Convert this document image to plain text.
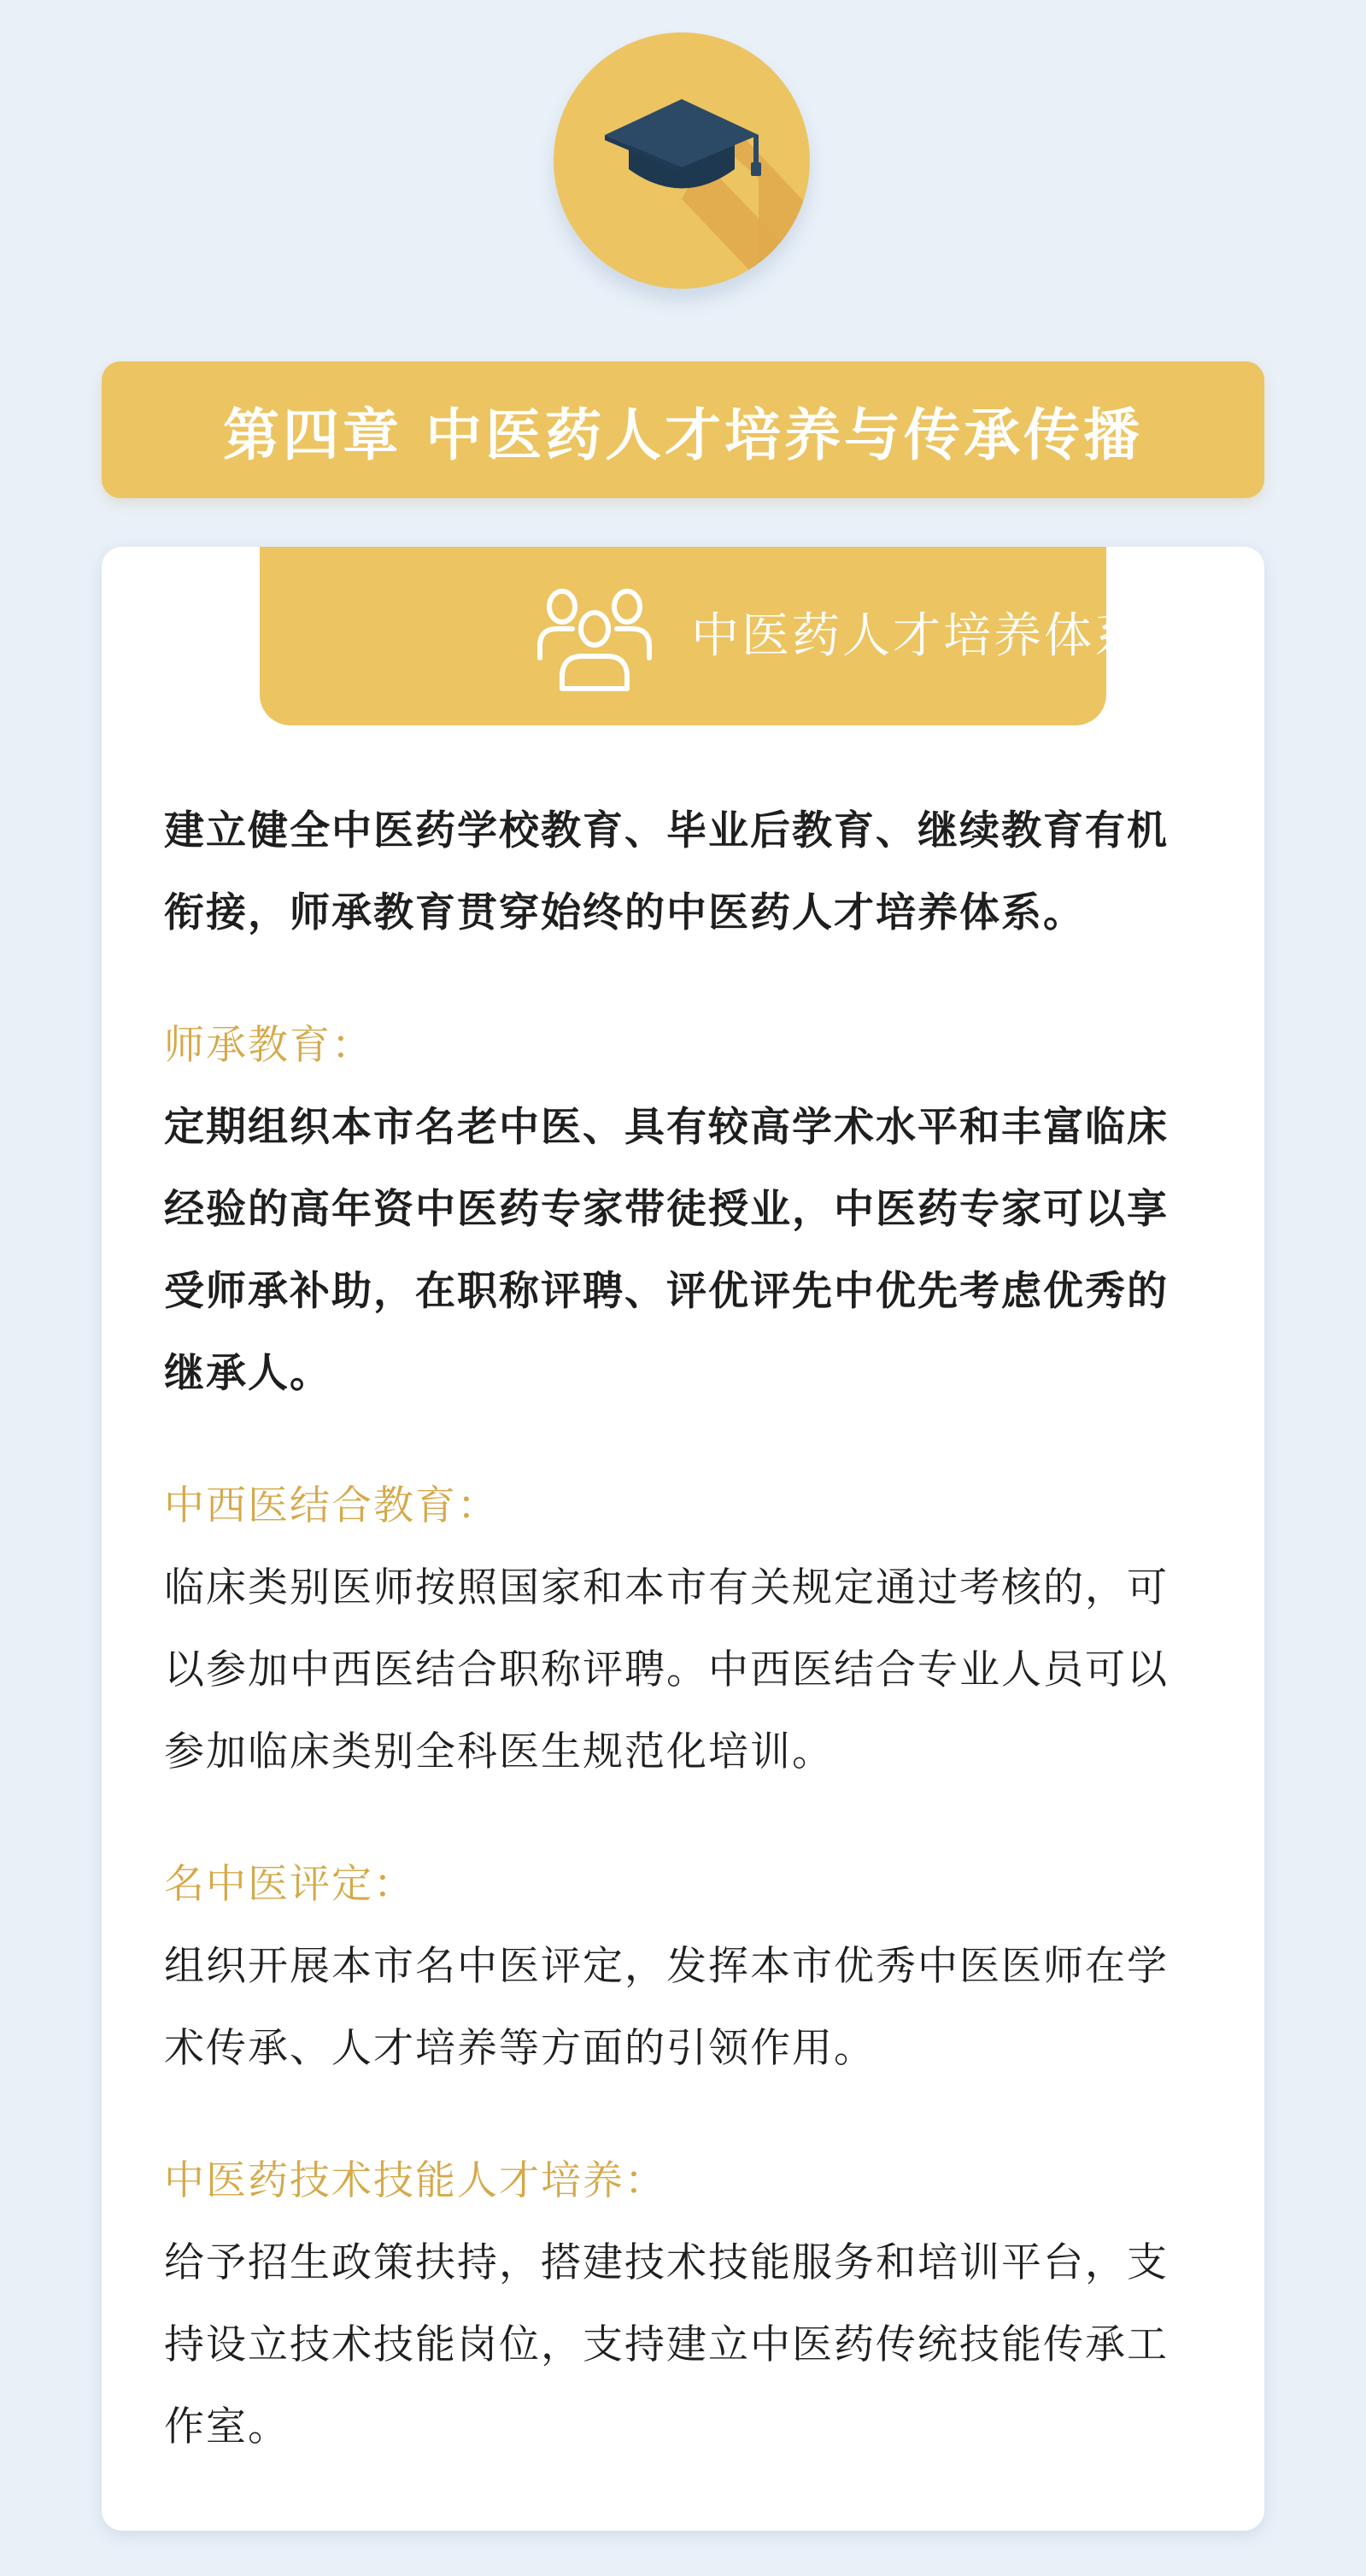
第四章 中医药人才培养与传承传播
中医药人才培养体系

建立健全中医药学校教育、毕业后教育、继续教育有机衔接，师承教育贯穿始终的中医药人才培养体系。

师承教育：

定期组织本市名老中医、具有较高学术水平和丰富临床经验的高年资中医药专家带徒授业，中医药专家可以享受师承补助，在职称评聘、评优评先中优先考虑优秀的继承人。

中西医结合教育：

临床类别医师按照国家和本市有关规定通过考核的，可以参加中西医结合职称评聘。中西医结合专业人员可以参加临床类别全科医生规范化培训。

名中医评定：

组织开展本市名中医评定，发挥本市优秀中医医师在学术传承、人才培养等方面的引领作用。

中医药技术技能人才培养：

给予招生政策扶持，搭建技术技能服务和培训平台，支持设立技术技能岗位，支持建立中医药传统技能传承工作室。
